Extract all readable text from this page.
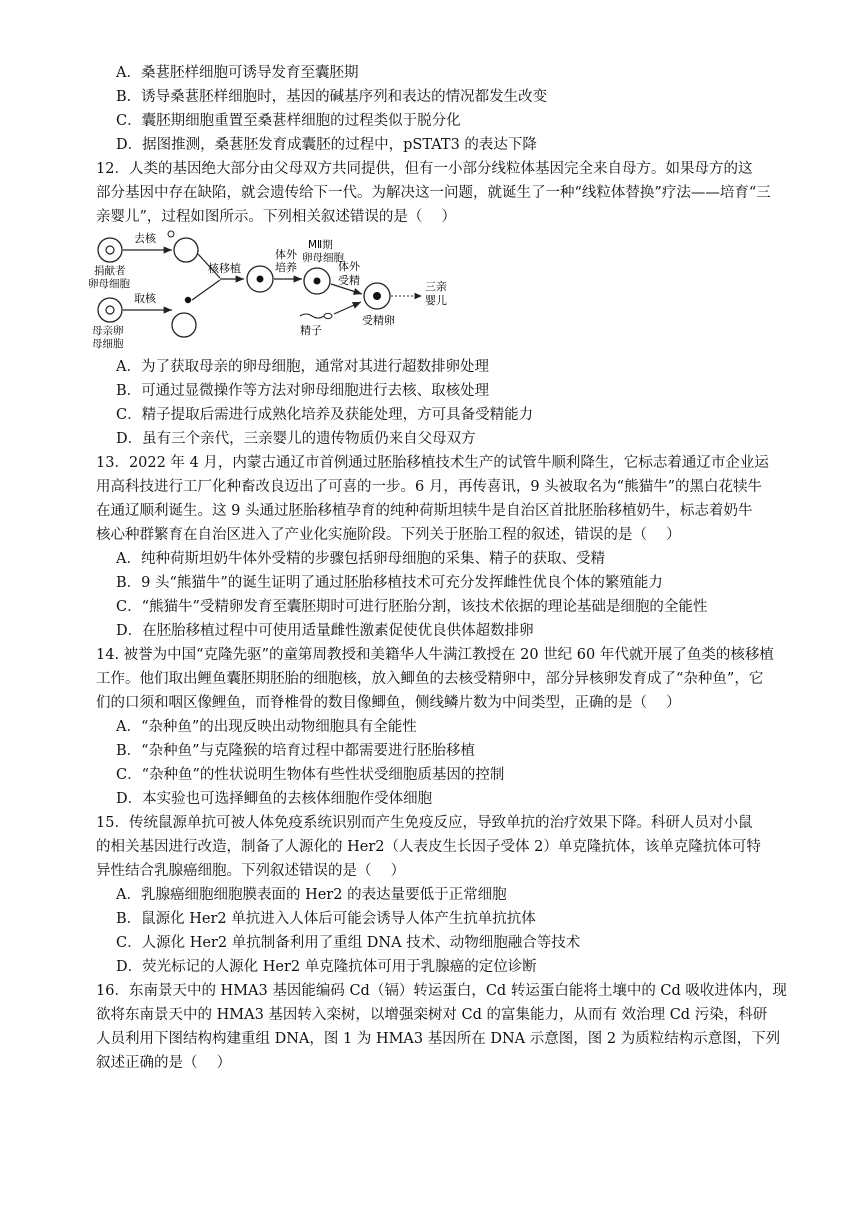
A．桑葚胚样细胞可诱导发育至囊胚期
B．诱导桑葚胚样细胞时，基因的碱基序列和表达的情况都发生改变
C．囊胚期细胞重置至桑葚样细胞的过程类似于脱分化
D．据图推测，桑葚胚发育成囊胚的过程中，pSTAT3 的表达下降
12．人类的基因绝大部分由父母双方共同提供，但有一小部分线粒体基因完全来自母方。如果母方的这
部分基因中存在缺陷，就会遗传给下一代。为解决这一问题，就诞生了一种“线粒体替换”疗法——培育“三
亲婴儿”，过程如图所示。下列相关叙述错误的是（　 ）
去核
捐献者
卵母细胞
取核
母亲卵
母细胞
核移植
体外
培养
MⅡ期
卵母细胞
体外
受精
精子
受精卵
三亲
婴儿
A．为了获取母亲的卵母细胞，通常对其进行超数排卵处理
B．可通过显微操作等方法对卵母细胞进行去核、取核处理
C．精子提取后需进行成熟化培养及获能处理，方可具备受精能力
D．虽有三个亲代，三亲婴儿的遗传物质仍来自父母双方
13．2022 年 4 月，内蒙古通辽市首例通过胚胎移植技术生产的试管牛顺利降生，它标志着通辽市企业运
用高科技进行工厂化种畜改良迈出了可喜的一步。6 月，再传喜讯，9 头被取名为“熊猫牛”的黑白花犊牛
在通辽顺利诞生。这 9 头通过胚胎移植孕育的纯种荷斯坦犊牛是自治区首批胚胎移植奶牛，标志着奶牛
核心种群繁育在自治区进入了产业化实施阶段。下列关于胚胎工程的叙述，错误的是（　 ）
A．纯种荷斯坦奶牛体外受精的步骤包括卵母细胞的采集、精子的获取、受精
B．9 头“熊猫牛”的诞生证明了通过胚胎移植技术可充分发挥雌性优良个体的繁殖能力
C．“熊猫牛”受精卵发育至囊胚期时可进行胚胎分割，该技术依据的理论基础是细胞的全能性
D．在胚胎移植过程中可使用适量雌性激素促使优良供体超数排卵
14. 被誉为中国“克隆先驱”的童第周教授和美籍华人牛满江教授在 20 世纪 60 年代就开展了鱼类的核移植
工作。他们取出鲤鱼囊胚期胚胎的细胞核，放入鲫鱼的去核受精卵中，部分异核卵发育成了“杂种鱼”，它
们的口须和咽区像鲤鱼，而脊椎骨的数目像鲫鱼，侧线鳞片数为中间类型，正确的是（　 ）
A．“杂种鱼”的出现反映出动物细胞具有全能性
B．“杂种鱼”与克隆猴的培育过程中都需要进行胚胎移植
C．“杂种鱼”的性状说明生物体有些性状受细胞质基因的控制
D．本实验也可选择鲫鱼的去核体细胞作受体细胞
15．传统鼠源单抗可被人体免疫系统识别而产生免疫反应，导致单抗的治疗效果下降。科研人员对小鼠
的相关基因进行改造，制备了人源化的 Her2（人表皮生长因子受体 2）单克隆抗体，该单克隆抗体可特
异性结合乳腺癌细胞。下列叙述错误的是（　 ）
A．乳腺癌细胞细胞膜表面的 Her2 的表达量要低于正常细胞
B．鼠源化 Her2 单抗进入人体后可能会诱导人体产生抗单抗抗体
C．人源化 Her2 单抗制备利用了重组 DNA 技术、动物细胞融合等技术
D．荧光标记的人源化 Her2 单克隆抗体可用于乳腺癌的定位诊断
16．东南景天中的 HMA3 基因能编码 Cd（镉）转运蛋白，Cd 转运蛋白能将土壤中的 Cd 吸收进体内，现
欲将东南景天中的 HMA3 基因转入栾树，以增强栾树对 Cd 的富集能力，从而有 效治理 Cd 污染，科研
人员利用下图结构构建重组 DNA，图 1 为 HMA3 基因所在 DNA 示意图，图 2 为质粒结构示意图，下列
叙述正确的是（　 ）
